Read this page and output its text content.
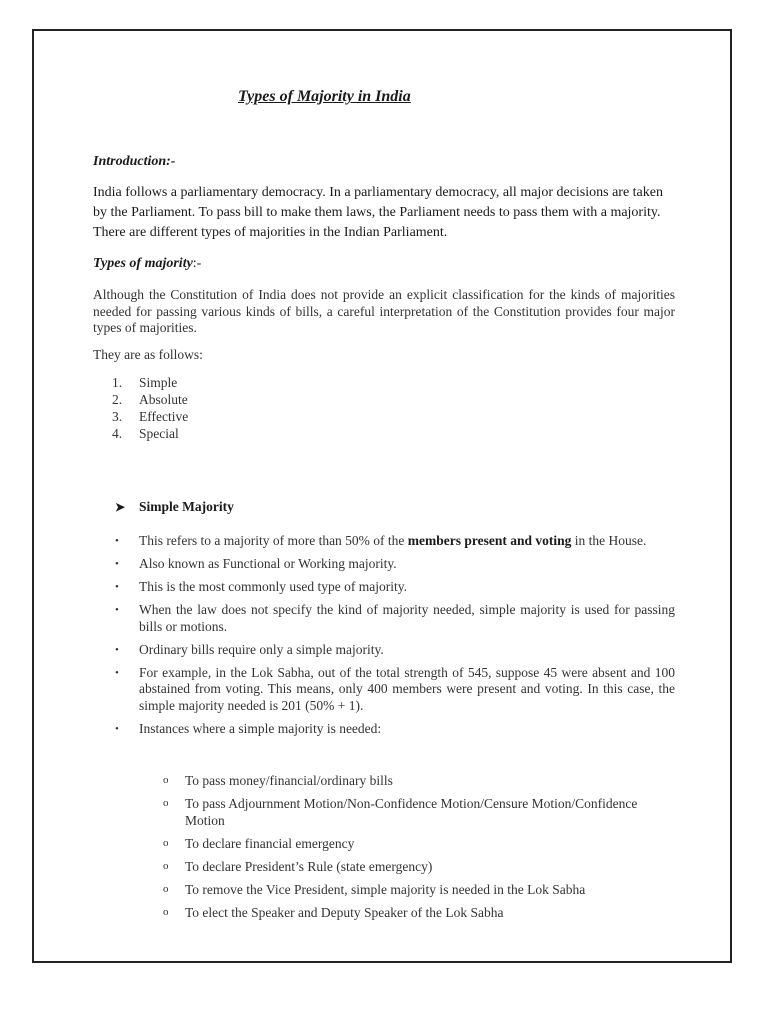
Types of Majority in India
Introduction:-
India follows a parliamentary democracy. In a parliamentary democracy, all major decisions are taken by the Parliament. To pass bill to make them laws, the Parliament needs to pass them with a majority. There are different types of majorities in the Indian Parliament.
Types of majority:-
Although the Constitution of India does not provide an explicit classification for the kinds of majorities needed for passing various kinds of bills, a careful interpretation of the Constitution provides four major types of majorities.
They are as follows:
1.	Simple
2.	Absolute
3.	Effective
4.	Special
➤	Simple Majority
•	This refers to a majority of more than 50% of the members present and voting in the House.
•	Also known as Functional or Working majority.
•	This is the most commonly used type of majority.
•	When the law does not specify the kind of majority needed, simple majority is used for passing bills or motions.
•	Ordinary bills require only a simple majority.
•	For example, in the Lok Sabha, out of the total strength of 545, suppose 45 were absent and 100 abstained from voting. This means, only 400 members were present and voting. In this case, the simple majority needed is 201 (50% + 1).
•	Instances where a simple majority is needed:
o	To pass money/financial/ordinary bills
o	To pass Adjournment Motion/Non-Confidence Motion/Censure Motion/Confidence Motion
o	To declare financial emergency
o	To declare President’s Rule (state emergency)
o	To remove the Vice President, simple majority is needed in the Lok Sabha
o	To elect the Speaker and Deputy Speaker of the Lok Sabha
